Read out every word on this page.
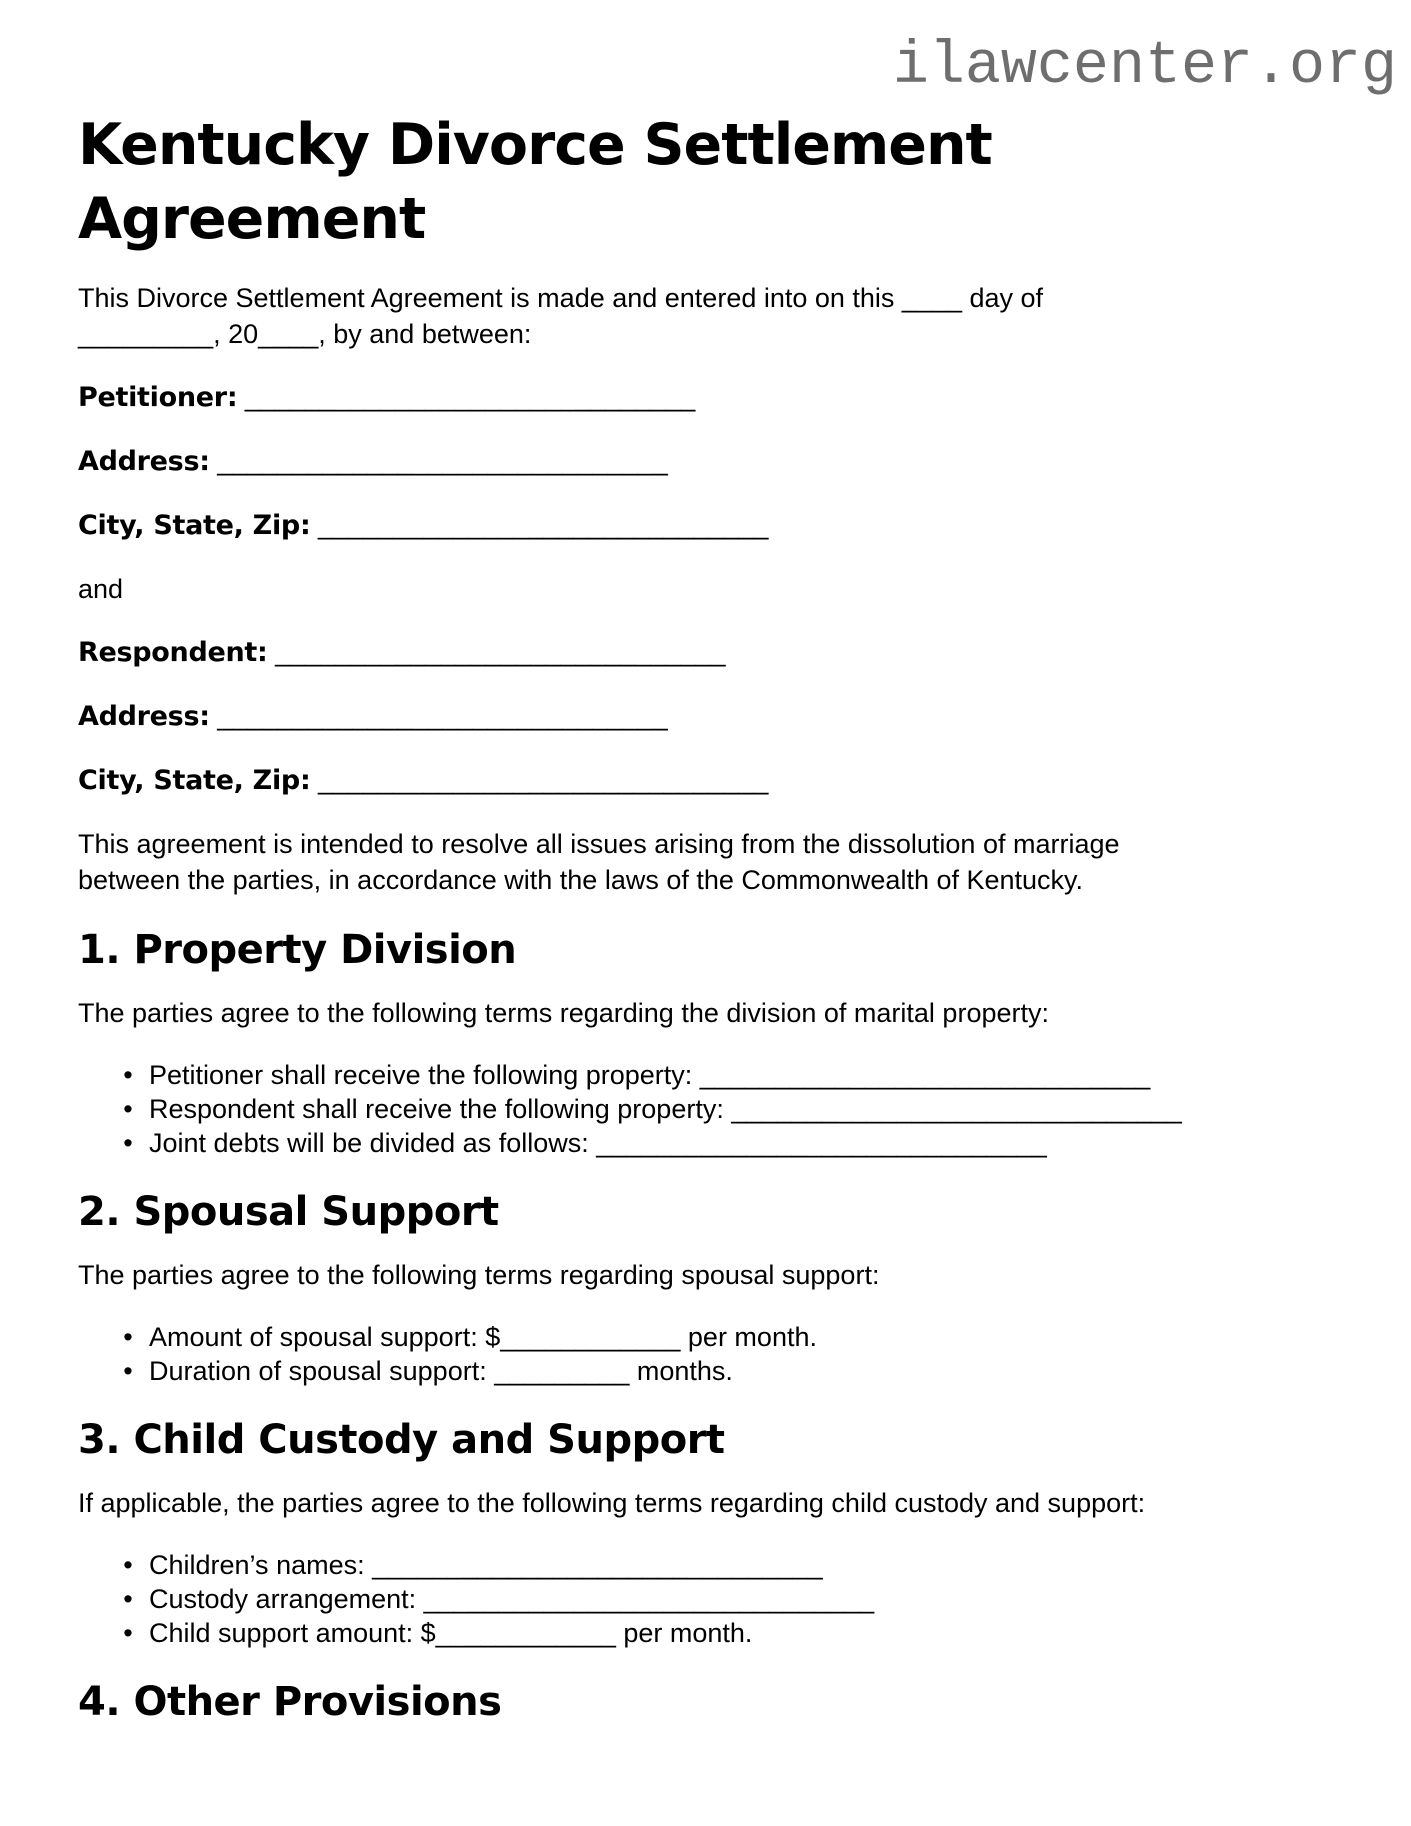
ilawcenter.org
Kentucky Divorce Settlement Agreement

This Divorce Settlement Agreement is made and entered into on this ____ day of
_________, 20____, by and between:

Petitioner: ______________________________

Address: ______________________________

City, State, Zip: ______________________________

and

Respondent: ______________________________

Address: ______________________________

City, State, Zip: ______________________________

This agreement is intended to resolve all issues arising from the dissolution of marriage
between the parties, in accordance with the laws of the Commonwealth of Kentucky.

1. Property Division

The parties agree to the following terms regarding the division of marital property:

•
Petitioner shall receive the following property: ______________________________
•
Respondent shall receive the following property: ______________________________
•
Joint debts will be divided as follows: ______________________________
2. Spousal Support

The parties agree to the following terms regarding spousal support:

•
Amount of spousal support: $____________ per month.
•
Duration of spousal support: _________ months.
3. Child Custody and Support

If applicable, the parties agree to the following terms regarding child custody and support:

•
Children’s names: ______________________________
•
Custody arrangement: ______________________________
•
Child support amount: $____________ per month.
4. Other Provisions
